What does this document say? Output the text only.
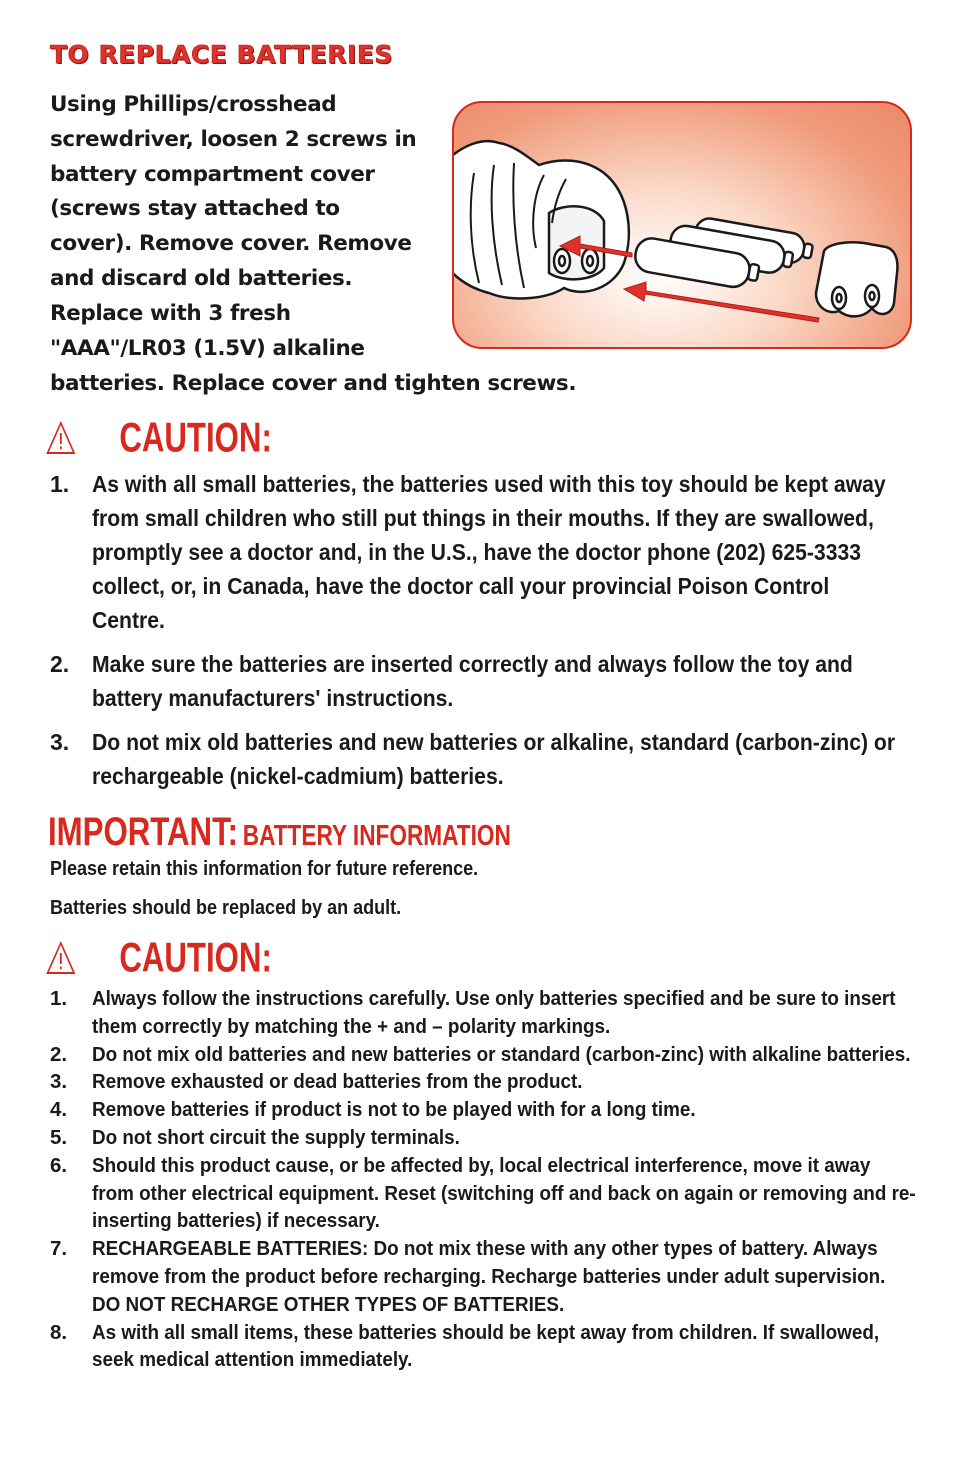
TO REPLACE BATTERIES
Using Phillips/crosshead
screwdriver, loosen 2 screws in
battery compartment cover
(screws stay attached to
cover). Remove cover. Remove
and discard old batteries.
Replace with 3 fresh
"AAA"/LR03 (1.5V) alkaline
batteries. Replace cover and tighten screws.
CAUTION:
1. As with all small batteries, the batteries used with this toy should be kept away from small children who still put things in their mouths. If they are swallowed, promptly see a doctor and, in the U.S., have the doctor phone (202) 625-3333 collect, or, in Canada, have the doctor call your provincial Poison Control Centre.
2. Make sure the batteries are inserted correctly and always follow the toy and battery manufacturers' instructions.
3. Do not mix old batteries and new batteries or alkaline, standard (carbon-zinc) or rechargeable (nickel-cadmium) batteries.
IMPORTANT: BATTERY INFORMATION
Please retain this information for future reference.
Batteries should be replaced by an adult.
CAUTION:
1. Always follow the instructions carefully. Use only batteries specified and be sure to insert them correctly by matching the + and – polarity markings.
2. Do not mix old batteries and new batteries or standard (carbon-zinc) with alkaline batteries.
3. Remove exhausted or dead batteries from the product.
4. Remove batteries if product is not to be played with for a long time.
5. Do not short circuit the supply terminals.
6. Should this product cause, or be affected by, local electrical interference, move it away from other electrical equipment. Reset (switching off and back on again or removing and re-inserting batteries) if necessary.
7. RECHARGEABLE BATTERIES: Do not mix these with any other types of battery. Always remove from the product before recharging. Recharge batteries under adult supervision. DO NOT RECHARGE OTHER TYPES OF BATTERIES.
8. As with all small items, these batteries should be kept away from children. If swallowed, seek medical attention immediately.
